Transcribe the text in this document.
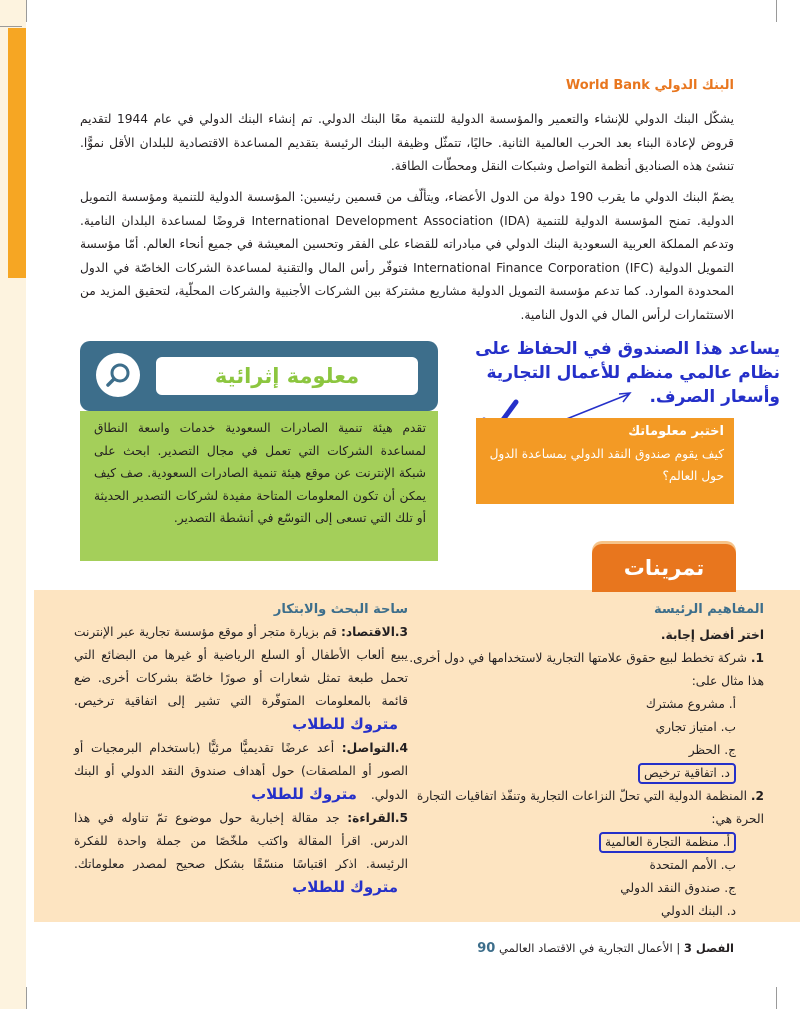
البنك الدولي World Bank

يشكّل البنك الدولي للإنشاء والتعمير والمؤسسة الدولية للتنمية معًا البنك الدولي. تم إنشاء البنك الدولي في عام 1944 لتقديم قروض لإعادة البناء بعد الحرب العالمية الثانية. حاليًا، تتمثّل وظيفة البنك الرئيسة بتقديم المساعدة الاقتصادية للبلدان الأقل نموًّا. تنشئ هذه الصناديق أنظمة التواصل وشبكات النقل ومحطّات الطاقة.

يضمّ البنك الدولي ما يقرب 190 دولة من الدول الأعضاء، ويتألّف من قسمين رئيسين: المؤسسة الدولية للتنمية ومؤسسة التمويل الدولية. تمنح المؤسسة الدولية للتنمية (International Development Association (IDA قروضًا لمساعدة البلدان النامية. وتدعم المملكة العربية السعودية البنك الدولي في مبادراته للقضاء على الفقر وتحسين المعيشة في جميع أنحاء العالم. أمّا مؤسسة التمويل الدولية (International Finance Corporation (IFC فتوفّر رأس المال والتقنية لمساعدة الشركات الخاصّة في الدول المحدودة الموارد. كما تدعم مؤسسة التمويل الدولية مشاريع مشتركة بين الشركات الأجنبية والشركات المحلّية، لتحقيق المزيد من الاستثمارات لرأس المال في الدول النامية.

معلومة إثرائية
تقدم هيئة تنمية الصادرات السعودية خدمات واسعة النطاق لمساعدة الشركات التي تعمل في مجال التصدير. ابحث على شبكة الإنترنت عن موقع هيئة تنمية الصادرات السعودية. صف كيف يمكن أن تكون المعلومات المتاحة مفيدة لشركات التصدير الحديثة أو تلك التي تسعى إلى التوسّع في أنشطة التصدير.
يساعد هذا الصندوق في الحفاظ على نظام عالمي منظم للأعمال التجارية وأسعار الصرف.
اختبر معلوماتك
كيف يقوم صندوق النقد الدولي بمساعدة الدول حول العالم؟
المفاهيم الرئيسة
اختر أفضل إجابة.
1. شركة تخطط لبيع حقوق علامتها التجارية لاستخدامها في دول أخرى. هذا مثال على:
أ. مشروع مشترك
ب. امتياز تجاري
ج. الحظر
د. اتفاقية ترخيص
2. المنظمة الدولية التي تحلّ النزاعات التجارية وتنفّذ اتفاقيات التجارة الحرة هي:
أ. منظمة التجارة العالمية
ب. الأمم المتحدة
ج. صندوق النقد الدولي
د. البنك الدولي
ساحة البحث والابتكار
3.الاقتصاد: قم بزيارة متجر أو موقع مؤسسة تجارية عبر الإنترنت يبيع ألعاب الأطفال أو السلع الرياضية أو غيرها من البضائع التي تحمل طبعة تمثل شعارات أو صورًا خاصّة بشركات أخرى. ضع قائمة بالمعلومات المتوفّرة التي تشير إلى اتفاقية ترخيص. متروك للطلاب
4.التواصل: أعد عرضًا تقديميًّا مرئيًّا (باستخدام البرمجيات أو الصور أو الملصقات) حول أهداف صندوق النقد الدولي أو البنك الدولي. متروك للطلاب
5.القراءة: جد مقالة إخبارية حول موضوع تمّ تناوله في هذا الدرس. اقرأ المقالة واكتب ملخّصًا من جملة واحدة للفكرة الرئيسة. اذكر اقتباسًا منسّقًا بشكل صحيح لمصدر معلوماتك. متروك للطلاب
تمرينات
الفصل 3 | الأعمال التجارية في الاقتصاد العالمي 90
